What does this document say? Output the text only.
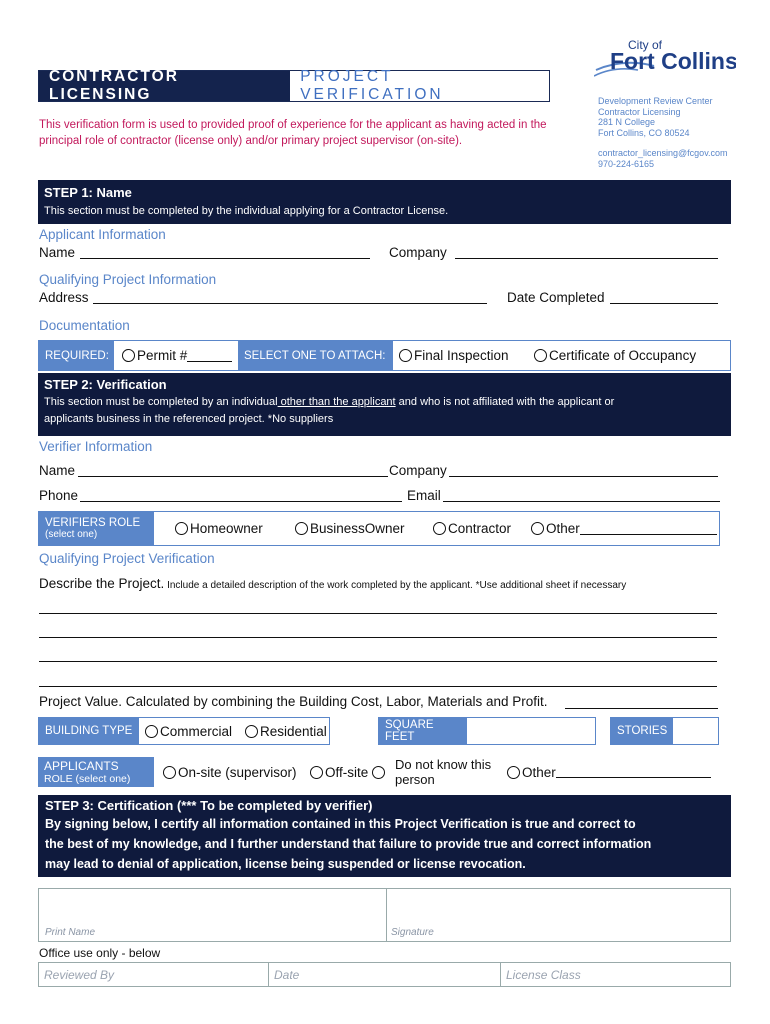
CONTRACTOR LICENSING
PROJECT VERIFICATION
This verification form is used to provided proof of experience for the applicant as having acted in the principal role of contractor (license only) and/or primary project supervisor (on-site).
City of
Fort Collins
Development Review Center
Contractor Licensing
281 N College
Fort Collins, CO 80524
contractor_licensing@fcgov.com
970-224-6165
STEP 1: Name
This section must be completed by the individual applying for a Contractor License.
Applicant Information
Name	Company
Qualifying Project Information
Address	Date Completed
Documentation
REQUIRED:	Permit #	SELECT ONE TO ATTACH:	Final Inspection	Certificate of Occupancy
STEP 2: Verification
This section must be completed by an individual other than the applicant and who is not affiliated with the applicant or
applicants business in the referenced project. *No suppliers
Verifier Information
Name	Company
Phone	Email
VERIFIERS ROLE
(select one)	Homeowner	Business Owner	Contractor	Other
Qualifying Project Verification
Describe the Project. Include a detailed description of the work completed by the applicant. *Use additional sheet if necessary
Project Value. Calculated by combining the Building Cost, Labor, Materials and Profit.
BUILDING TYPE	Commercial Residential	SQUARE FEET	STORIES
APPLICANTS
ROLE (select one)	On-site (supervisor) Off-site Do not know this
person	Other
STEP 3: Certification (*** To be completed by verifier)
By signing below, I certify all information contained in this Project Verification is true and correct to
the best of my knowledge, and I further understand that failure to provide true and correct information
may lead to denial of application, license being suspended or license revocation.
Print Name	Signature
Office use only - below
Reviewed By	Date	License Class
